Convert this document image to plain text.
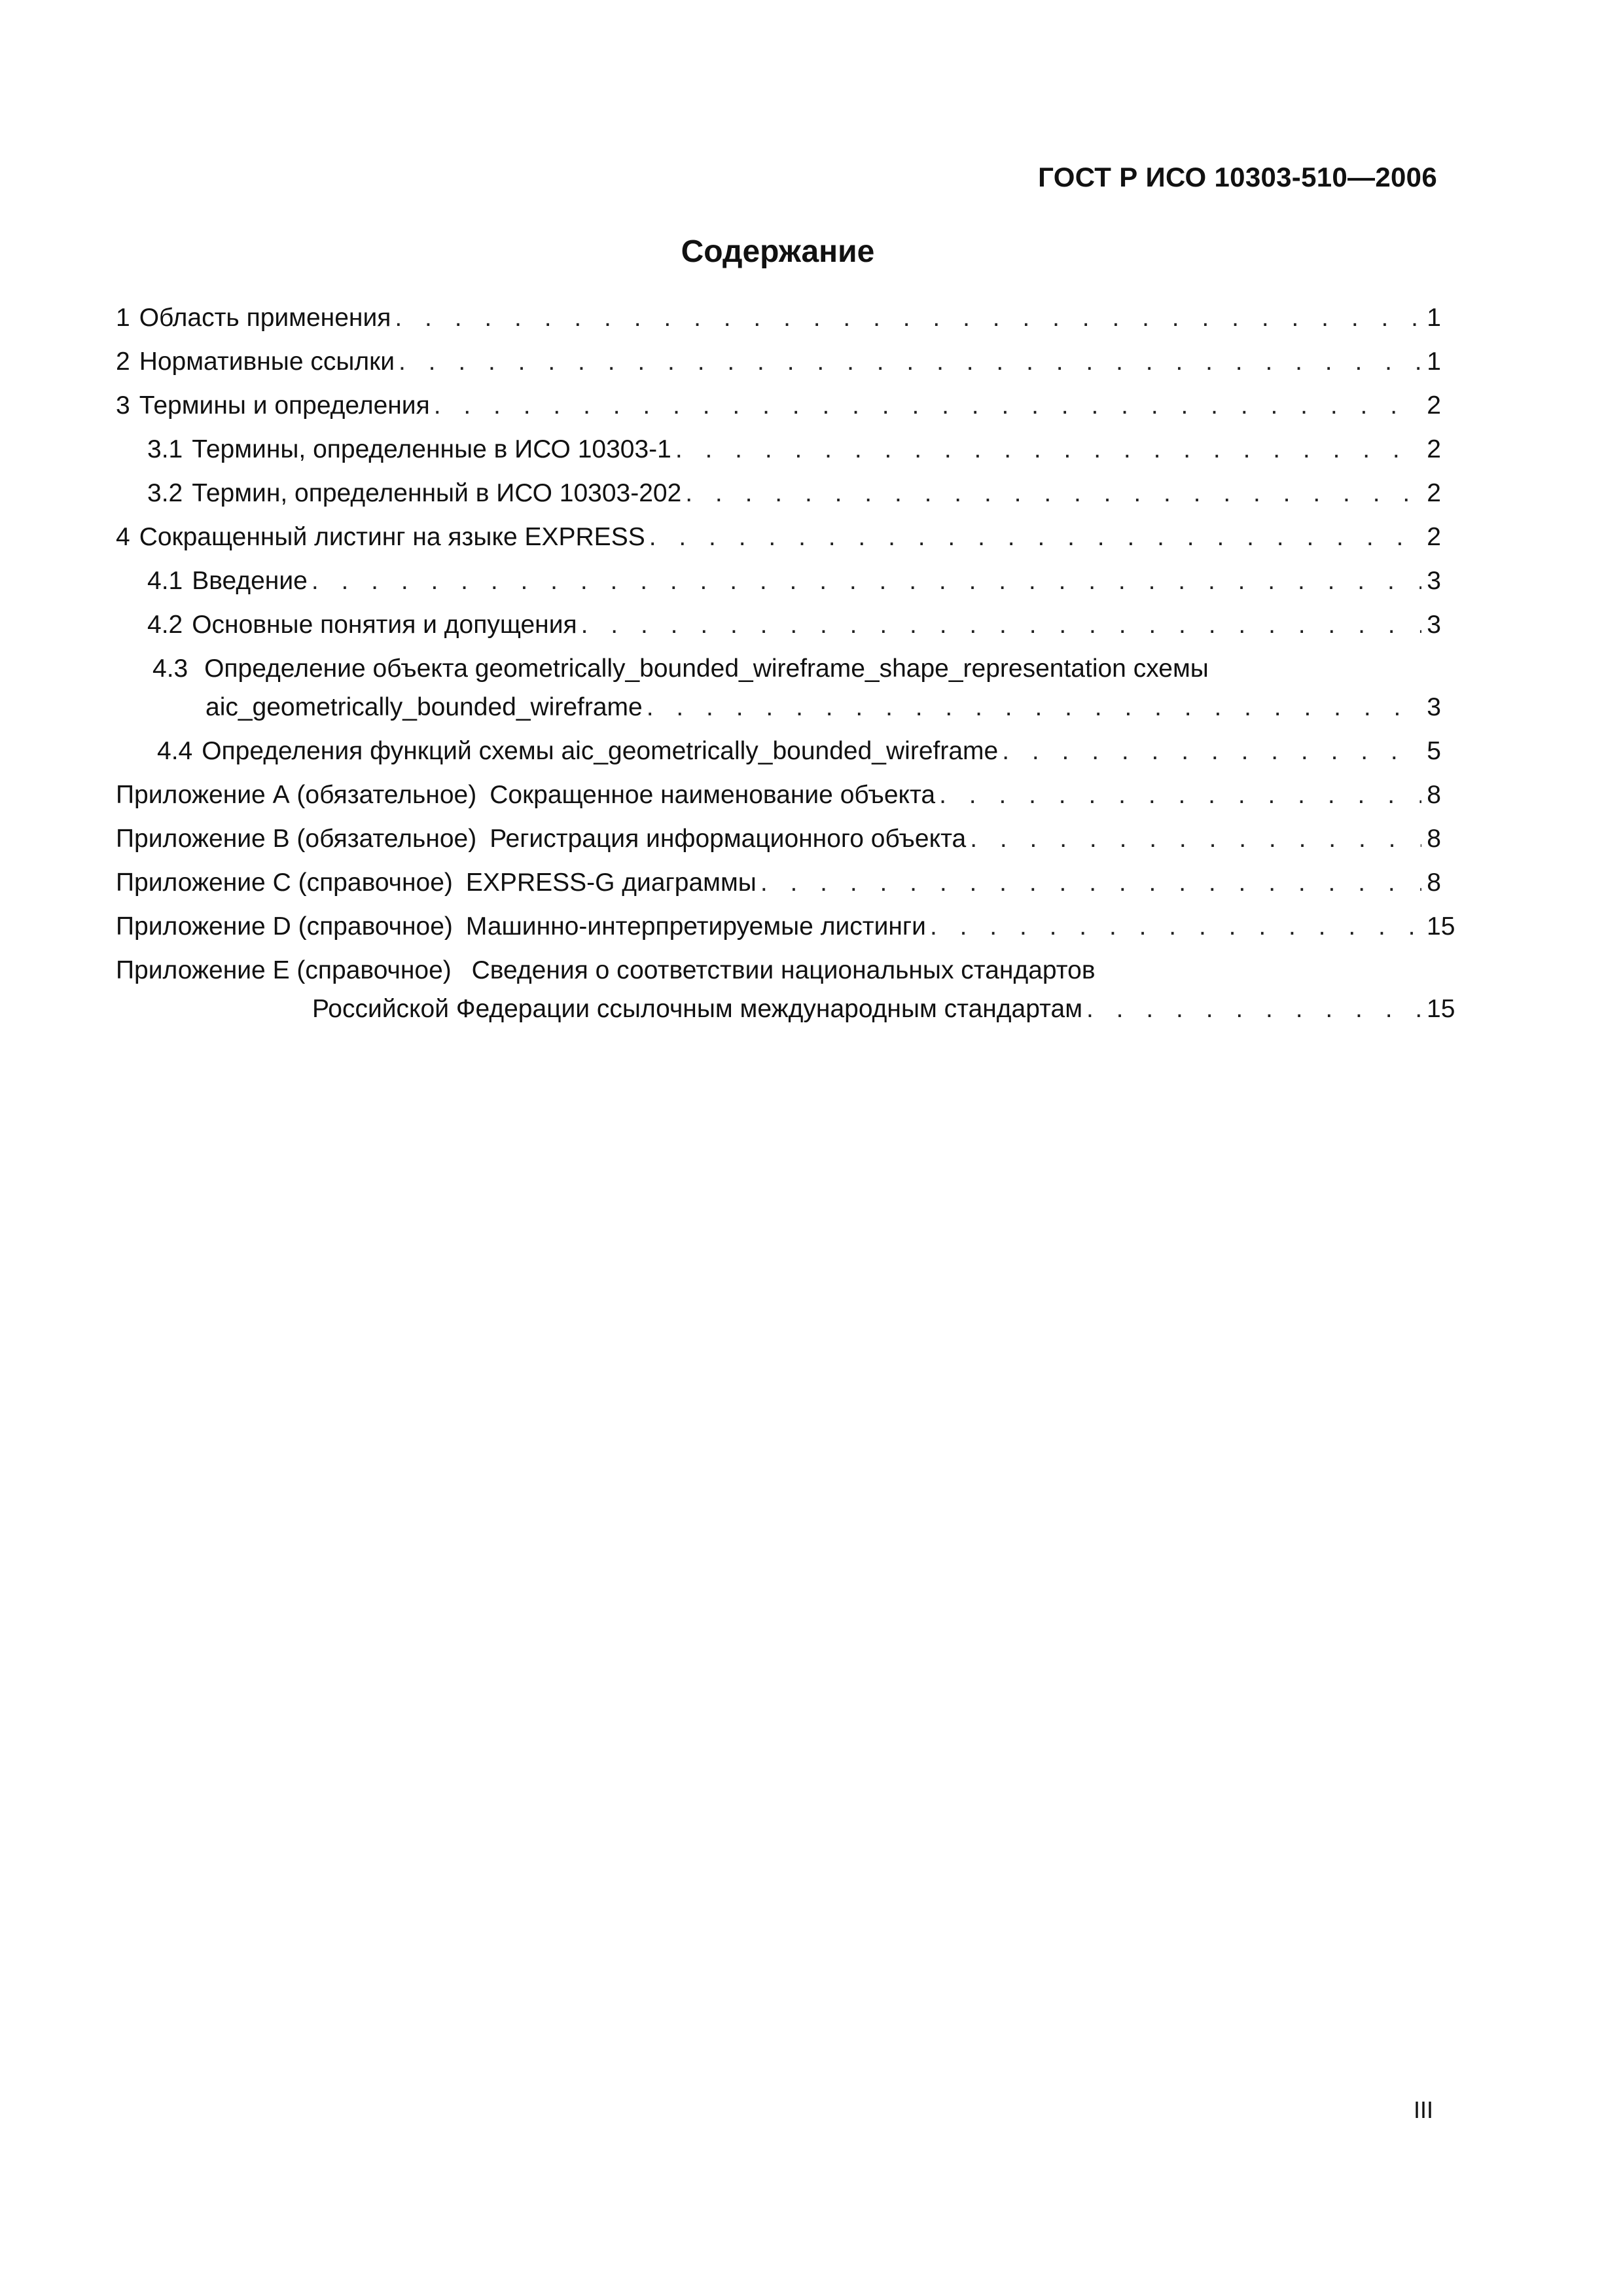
ГОСТ Р ИСО 10303-510—2006
Содержание
1 Область применения . . .	1
2 Нормативные ссылки . . .	1
3 Термины и определения . . .	2
3.1 Термины, определенные в ИСО 10303-1 . . .	2
3.2 Термин, определенный в ИСО 10303-202 . . .	2
4 Сокращенный листинг на языке EXPRESS . . .	2
4.1 Введение . . .	3
4.2 Основные понятия и допущения . . .	3
4.3 Определение объекта geometrically_bounded_wireframe_shape_representation схемы
aic_geometrically_bounded_wireframe . . .	3
4.4 Определения функций схемы aic_geometrically_bounded_wireframe . . .	5
Приложение А (обязательное) Сокращенное наименование объекта . . .	8
Приложение В (обязательное) Регистрация информационного объекта . . .	8
Приложение С (справочное) EXPRESS-G диаграммы . . .	8
Приложение D (справочное) Машинно-интерпретируемые листинги . . .	15
Приложение Е (справочное) Сведения о соответствии национальных стандартов
Российской Федерации ссылочным международным стандартам . . .	15
III
